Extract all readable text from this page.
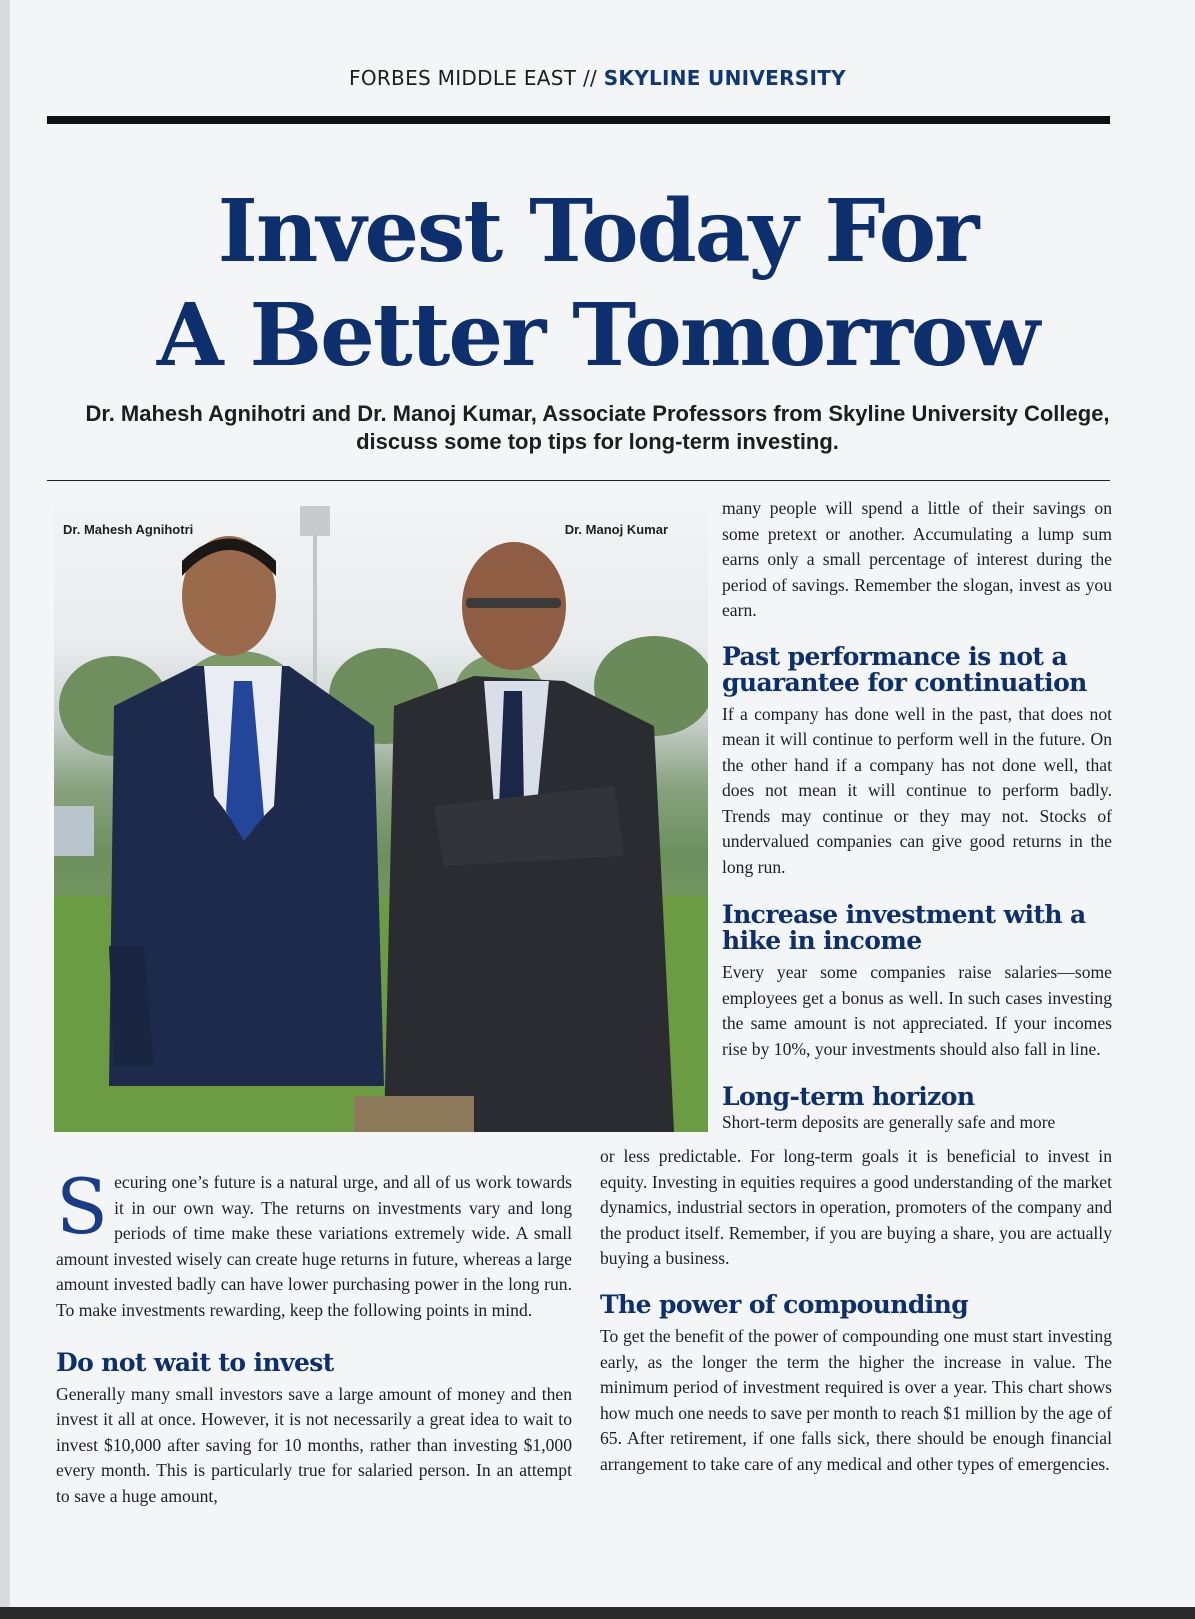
FORBES MIDDLE EAST // SKYLINE UNIVERSITY
Invest Today For
A Better Tomorrow
Dr. Mahesh Agnihotri and Dr. Manoj Kumar, Associate Professors from Skyline University College, discuss some top tips for long-term investing.
Dr. Mahesh Agnihotri	Dr. Manoj Kumar

many people will spend a little of their savings on some pretext or another. Accumulating a lump sum earns only a small percentage of interest during the period of savings. Remember the slogan, invest as you earn.

Past performance is not a guarantee for continuation

If a company has done well in the past, that does not mean it will continue to perform well in the future. On the other hand if a company has not done well, that does not mean it will continue to perform badly. Trends may continue or they may not. Stocks of undervalued companies can give good returns in the long run.

Increase investment with a hike in income

Every year some companies raise salaries—some employees get a bonus as well. In such cases investing the same amount is not appreciated. If your incomes rise by 10%, your investments should also fall in line.

Long-term horizon

Short-term deposits are generally safe and more

Securing one’s future is a natural urge, and all of us work towards it in our own way. The returns on investments vary and long periods of time make these variations extremely wide. A small amount invested wisely can create huge returns in future, whereas a large amount invested badly can have lower purchasing power in the long run. To make investments rewarding, keep the following points in mind.

Do not wait to invest

Generally many small investors save a large amount of money and then invest it all at once. However, it is not necessarily a great idea to wait to invest $10,000 after saving for 10 months, rather than investing $1,000 every month. This is particularly true for salaried person. In an attempt to save a huge amount,

or less predictable. For long-term goals it is beneficial to invest in equity. Investing in equities requires a good understanding of the market dynamics, industrial sectors in operation, promoters of the company and the product itself. Remember, if you are buying a share, you are actually buying a business.

The power of compounding

To get the benefit of the power of compounding one must start investing early, as the longer the term the higher the increase in value. The minimum period of investment required is over a year. This chart shows how much one needs to save per month to reach $1 million by the age of 65. After retirement, if one falls sick, there should be enough financial arrangement to take care of any medical and other types of emergencies.
